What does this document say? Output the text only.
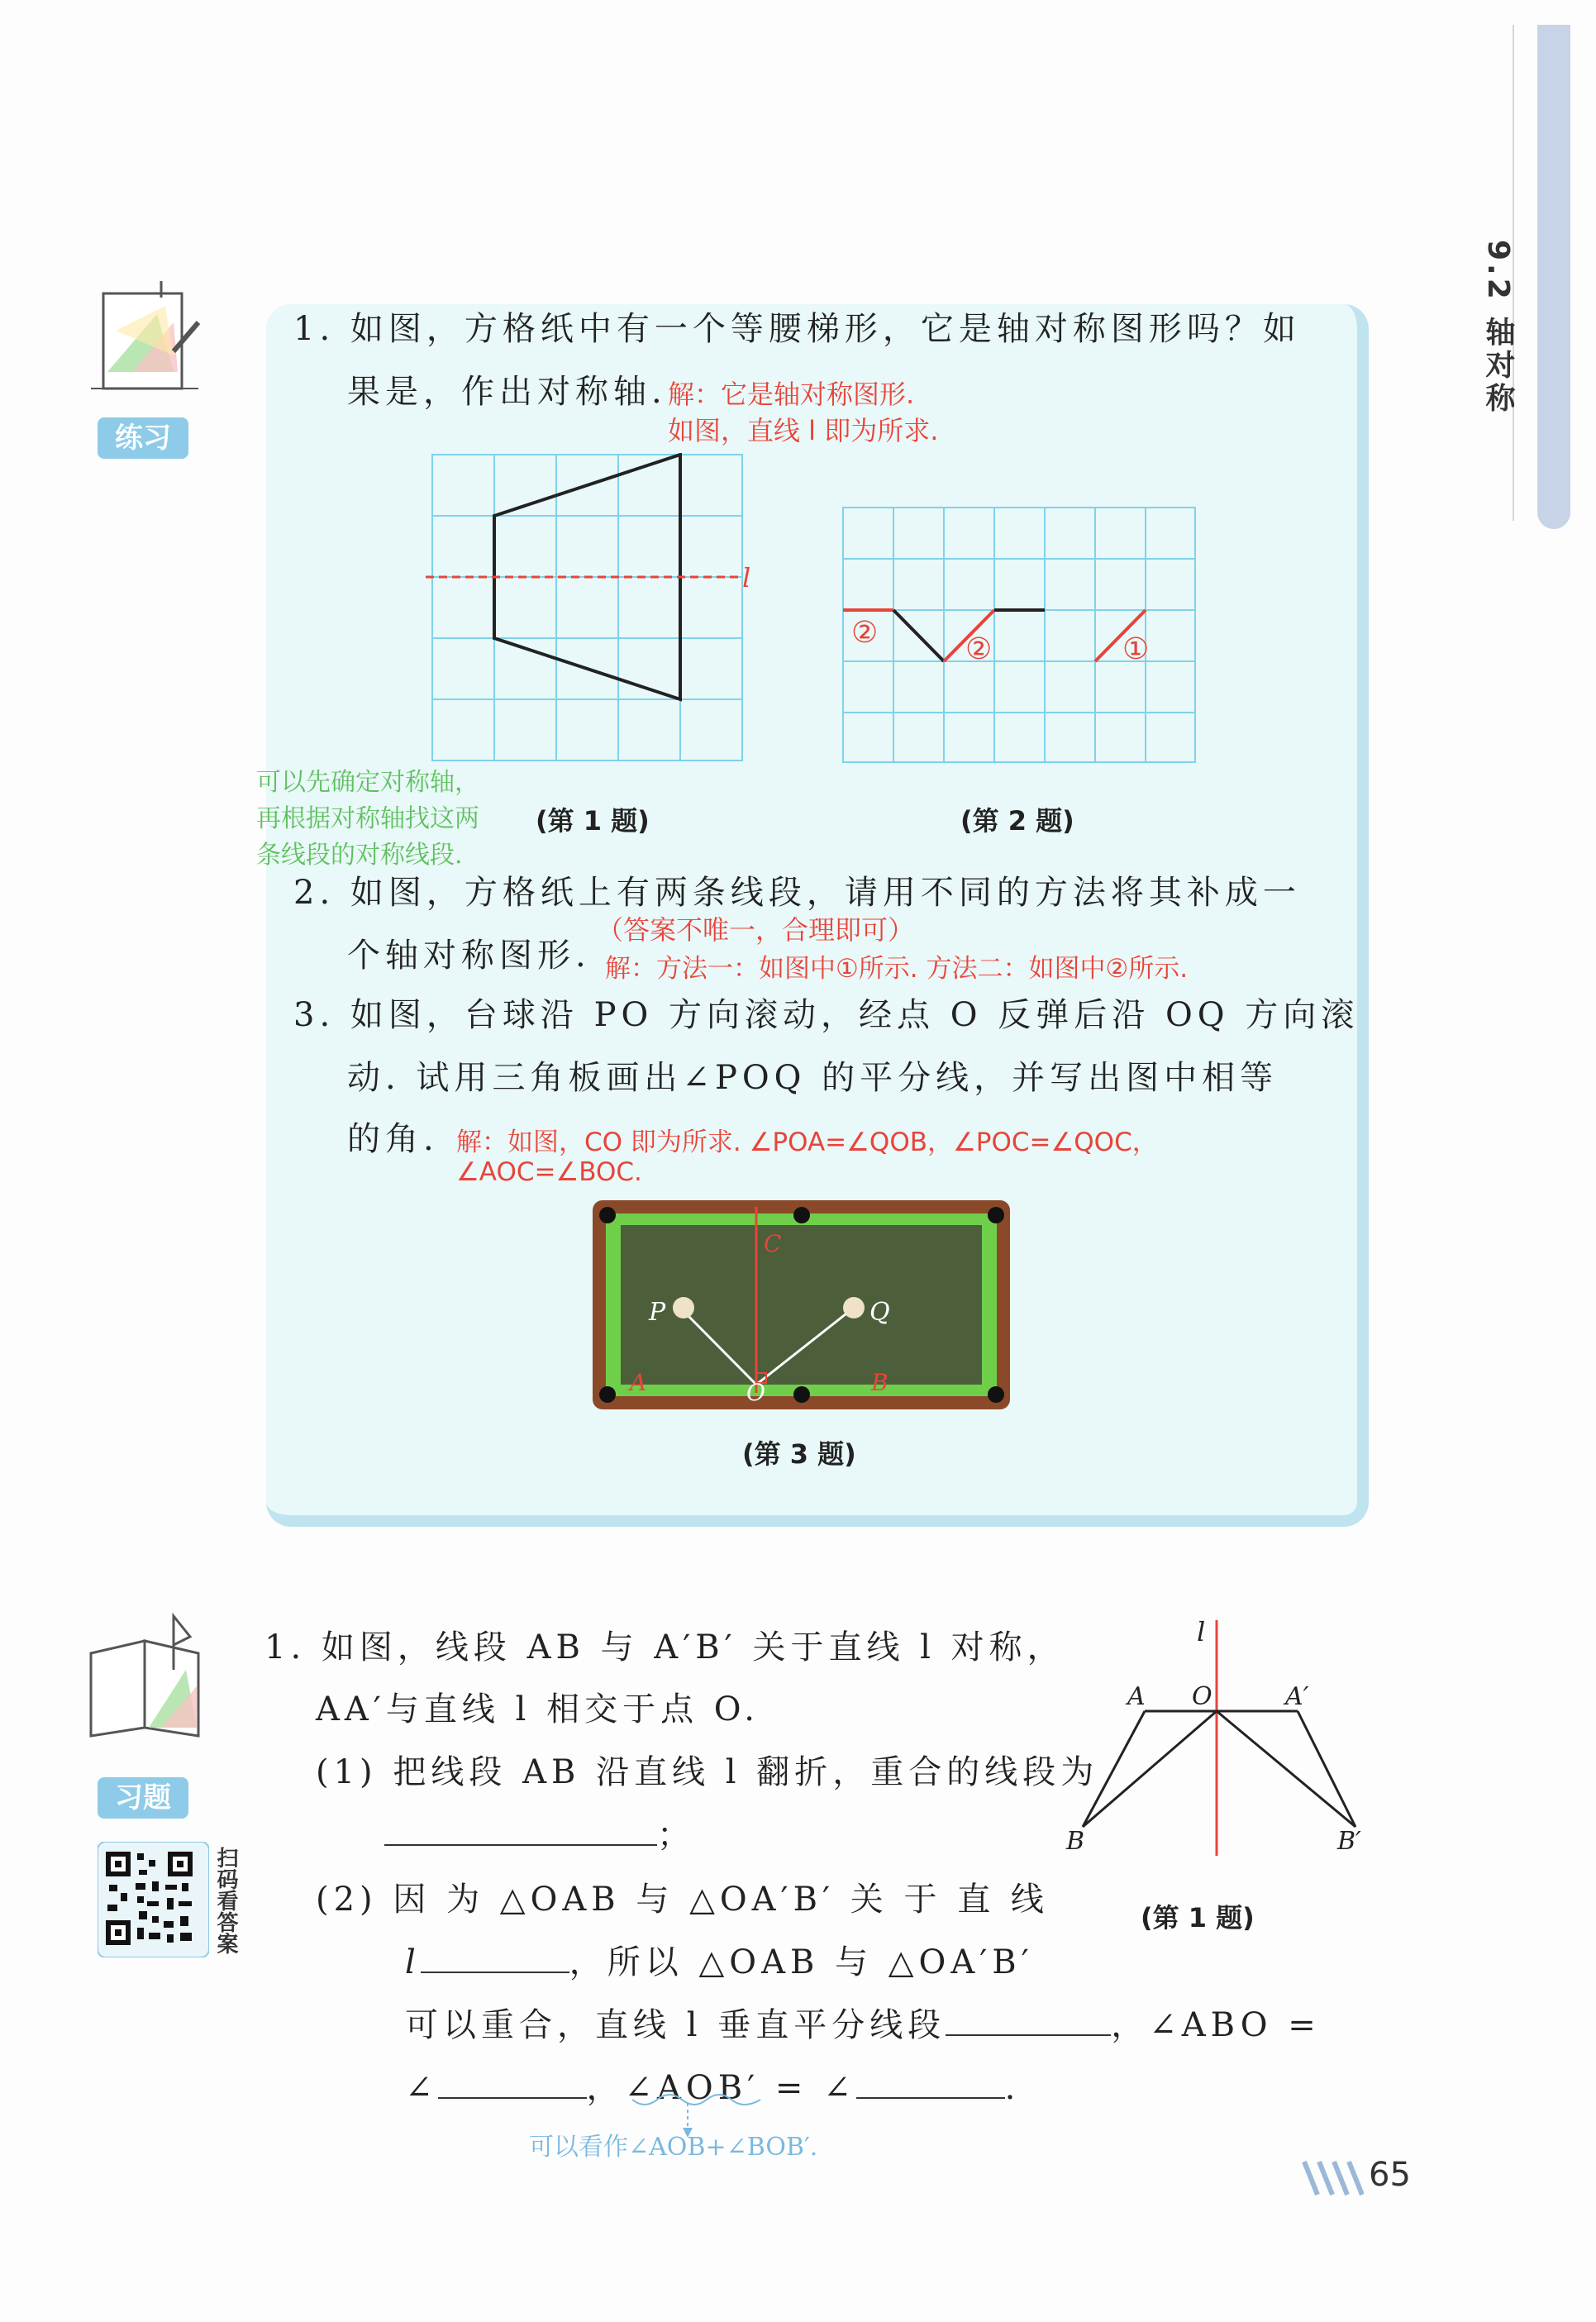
9.2 轴对称
练习
1. 如图，方格纸中有一个等腰梯形，它是轴对称图形吗？如
果是，作出对称轴. 解：它是轴对称图形.
如图，直线 l 即为所求.
l
②	②	①
可以先确定对称轴，
再根据对称轴找这两
条线段的对称线段.
(第 1 题)	(第 2 题)
2. 如图，方格纸上有两条线段，请用不同的方法将其补成一
（答案不唯一，合理即可）
个轴对称图形. 解：方法一：如图中①所示. 方法二：如图中②所示.
3. 如图，台球沿 PO 方向滚动，经点 O 反弹后沿 OQ 方向滚
动. 试用三角板画出∠POQ 的平分线，并写出图中相等
的角. 解：如图，CO 即为所求. ∠POA=∠QOB，∠POC=∠QOC，
∠AOC=∠BOC.
P	Q
O
A	B
C
(第 3 题)
习题
扫码看答案
1. 如图，线段 AB 与 A′B′ 关于直线 l 对称，
AA′与直线 l 相交于点 O.
(1) 把线段 AB 沿直线 l 翻折，重合的线段为
；
(2) 因 为 △OAB 与 △OA′B′ 关 于 直 线
l	，所以 △OAB 与 △OA′B′
可以重合，直线 l 垂直平分线段	，∠ABO =
∠	，∠AOB′ = ∠	.
可以看作∠AOB+∠BOB′.
l
A O	A′
B	B′
(第 1 题)
65
